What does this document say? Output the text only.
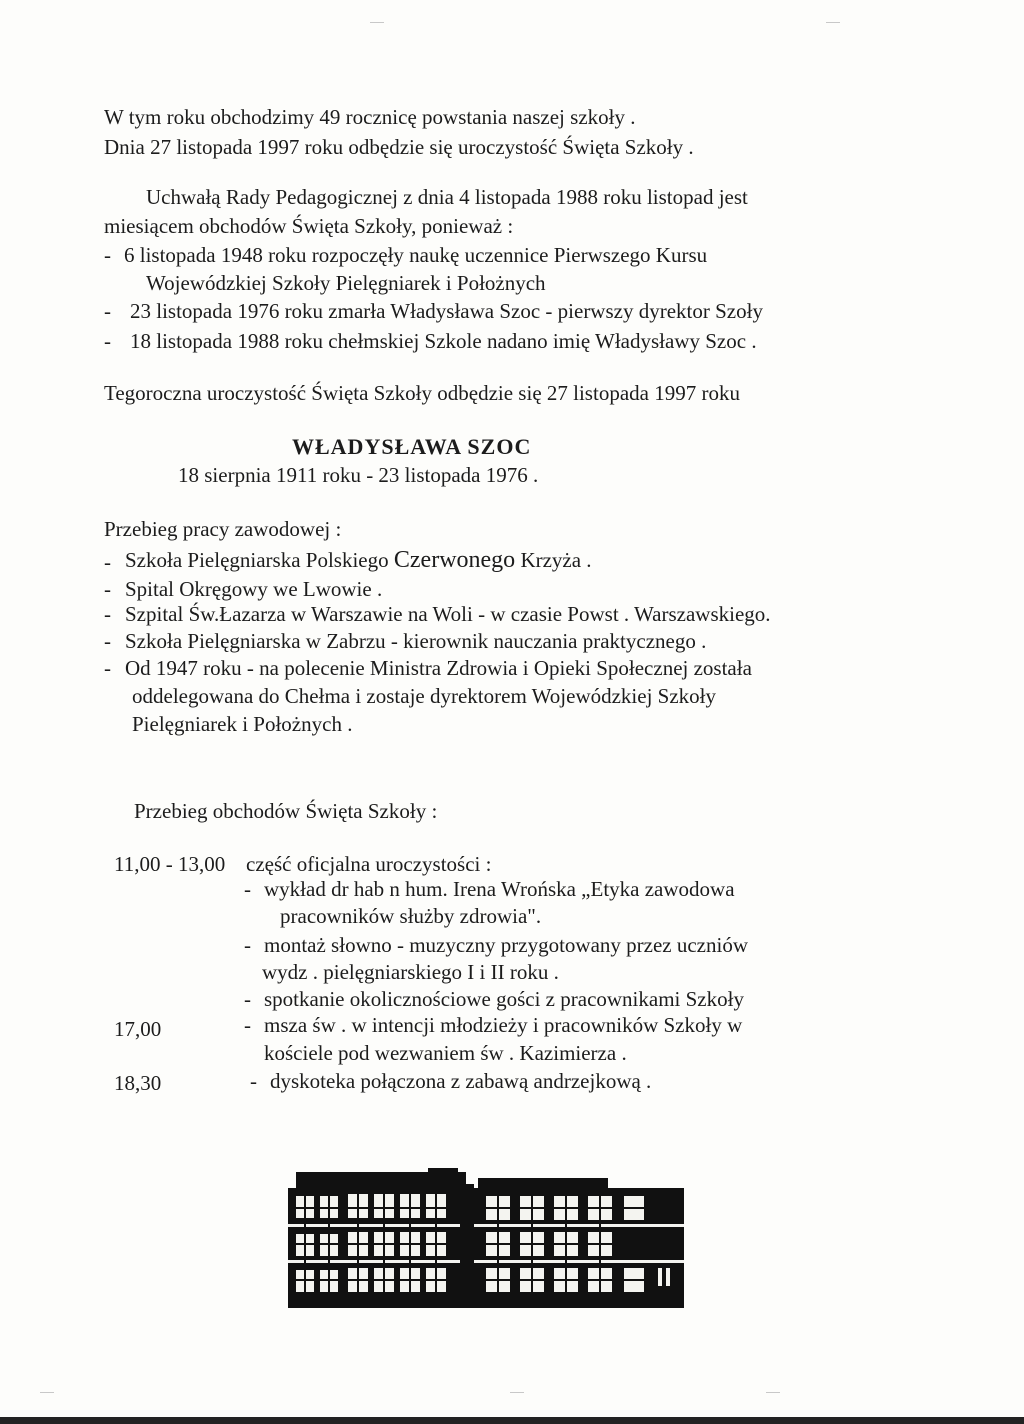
W tym roku obchodzimy 49 rocznicę powstania naszej szkoły .
Dnia 27 listopada 1997 roku odbędzie się uroczystość Święta Szkoły .
Uchwałą Rady Pedagogicznej z dnia 4 listopada 1988 roku listopad jest
miesiącem obchodów Święta Szkoły, ponieważ :
- 6 listopada 1948 roku rozpoczęły naukę uczennice Pierwszego Kursu
Wojewódzkiej Szkoły Pielęgniarek i Położnych
- 23 listopada 1976 roku zmarła Władysława Szoc - pierwszy dyrektor Szoły
- 18 listopada 1988 roku chełmskiej Szkole nadano imię Władysławy Szoc .
Tegoroczna uroczystość Święta Szkoły odbędzie się 27 listopada 1997 roku
WŁADYSŁAWA SZOC
18 sierpnia 1911 roku - 23 listopada 1976 .
Przebieg pracy zawodowej :
- Szkoła Pielęgniarska Polskiego Czerwonego Krzyża .
- Spital Okręgowy we Lwowie .
- Szpital Św.Łazarza w Warszawie na Woli - w czasie Powst . Warszawskiego.
- Szkoła Pielęgniarska w Zabrzu - kierownik nauczania praktycznego .
- Od 1947 roku - na polecenie Ministra Zdrowia i Opieki Społecznej została
oddelegowana do Chełma i zostaje dyrektorem Wojewódzkiej Szkoły
Pielęgniarek i Położnych .
Przebieg obchodów Święta Szkoły :
11,00 - 13,00 część oficjalna uroczystości :
- wykład dr hab n hum. Irena Wrońska „Etyka zawodowa
pracowników służby zdrowia".
- montaż słowno - muzyczny przygotowany przez uczniów
wydz . pielęgniarskiego I i II roku .
- spotkanie okolicznościowe gości z pracownikami Szkoły
17,00	- msza św . w intencji młodzieży i pracowników Szkoły w
kościele pod wezwaniem św . Kazimierza .
18,30	- dyskoteka połączona z zabawą andrzejkową .
